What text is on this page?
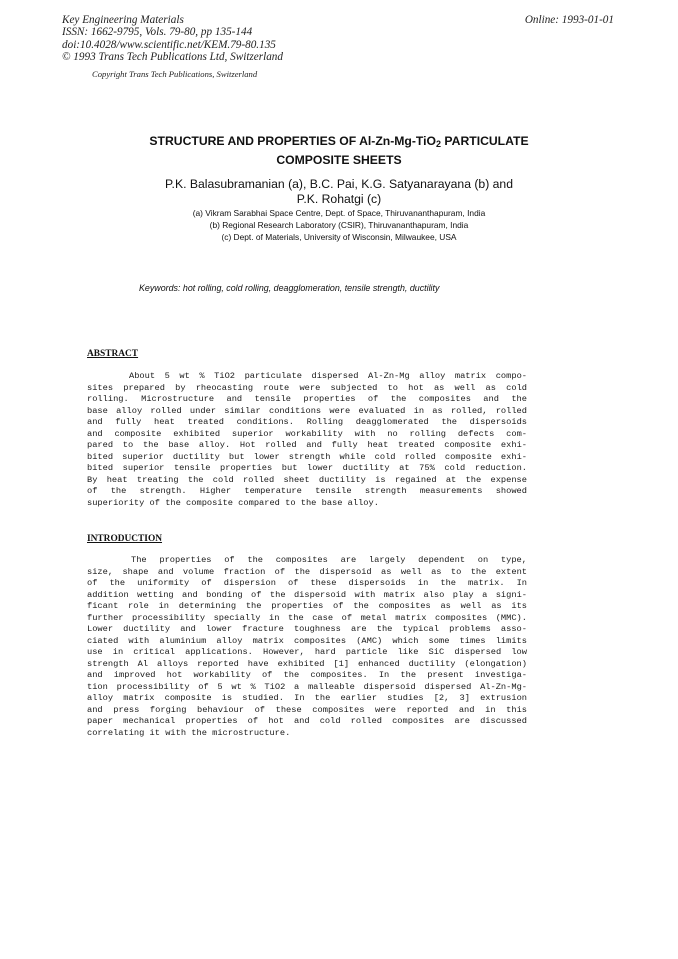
Key Engineering Materials
ISSN: 1662-9795, Vols. 79-80, pp 135-144
doi:10.4028/www.scientific.net/KEM.79-80.135
© 1993 Trans Tech Publications Ltd, Switzerland
Online: 1993-01-01
Copyright Trans Tech Publications, Switzerland
STRUCTURE AND PROPERTIES OF Al-Zn-Mg-TiO$_2$ PARTICULATE
COMPOSITE SHEETS
P.K. Balasubramanian (a), B.C. Pai, K.G. Satyanarayana (b) and
P.K. Rohatgi (c)
(a) Vikram Sarabhai Space Centre, Dept. of Space, Thiruvananthapuram, India
(b) Regional Research Laboratory (CSIR), Thiruvananthapuram, India
(c) Dept. of Materials, University of Wisconsin, Milwaukee, USA
Keywords: hot rolling, cold rolling, deagglomeration, tensile strength, ductility
ABSTRACT
About 5 wt % TiO2 particulate dispersed Al-Zn-Mg alloy matrix compo-
sites prepared by rheocasting route were subjected to hot as well as cold
rolling. Microstructure and tensile properties of the composites and the
base alloy rolled under similar conditions were evaluated in as rolled, rolled
and fully heat treated conditions. Rolling deagglomerated the dispersoids
and composite exhibited superior workability with no rolling defects com-
pared to the base alloy. Hot rolled and fully heat treated composite exhi-
bited superior ductility but lower strength while cold rolled composite exhi-
bited superior tensile properties but lower ductility at 75% cold reduction.
By heat treating the cold rolled sheet ductility is regained at the expense
of the strength. Higher temperature tensile strength measurements showed
superiority of the composite compared to the base alloy.
INTRODUCTION
The properties of the composites are largely dependent on type,
size, shape and volume fraction of the dispersoid as well as to the extent
of the uniformity of dispersion of these dispersoids in the matrix. In
addition wetting and bonding of the dispersoid with matrix also play a signi-
ficant role in determining the properties of the composites as well as its
further processibility specially in the case of metal matrix composites (MMC).
Lower ductility and lower fracture toughness are the typical problems asso-
ciated with aluminium alloy matrix composites (AMC) which some times limits
use in critical applications. However, hard particle like SiC dispersed low
strength Al alloys reported have exhibited [1] enhanced ductility (elongation)
and improved hot workability of the composites. In the present investiga-
tion processibility of 5 wt % TiO2 a malleable dispersoid dispersed Al-Zn-Mg-
alloy matrix composite is studied. In the earlier studies [2, 3] extrusion
and press forging behaviour of these composites were reported and in this
paper mechanical properties of hot and cold rolled composites are discussed
correlating it with the microstructure.
